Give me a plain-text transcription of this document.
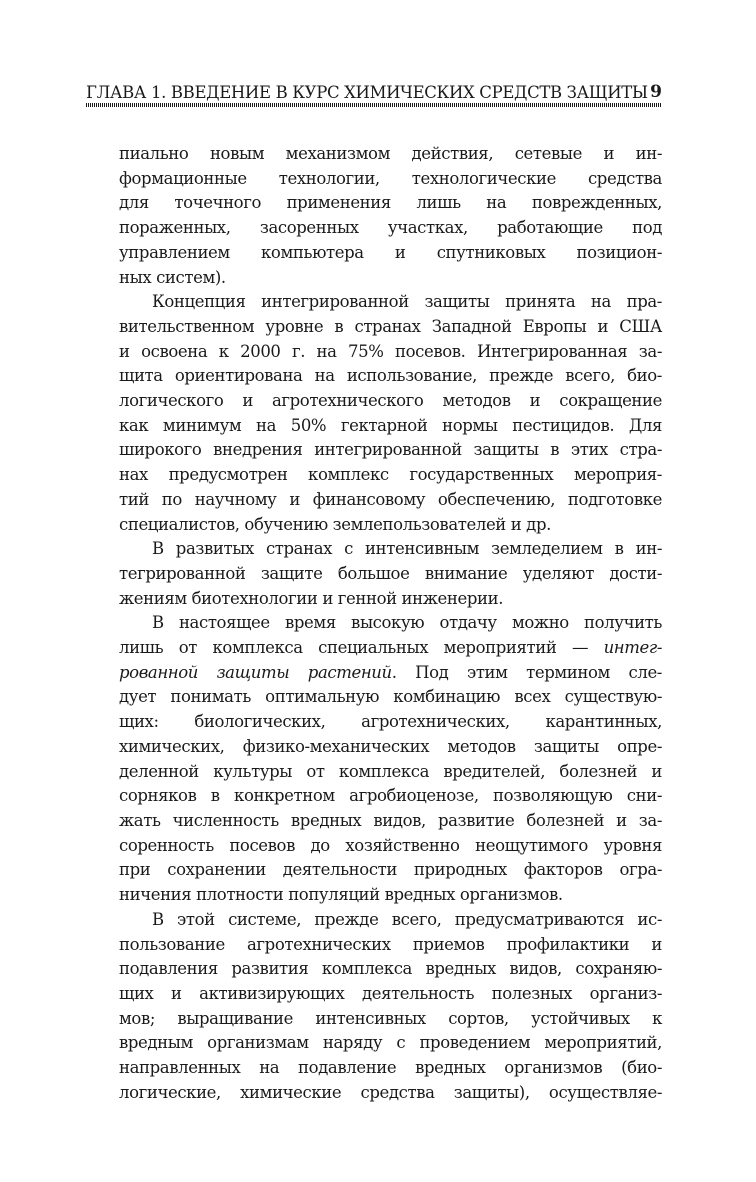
ГЛАВА 1. ВВЕДЕНИЕ В КУРС ХИМИЧЕСКИХ СРЕДСТВ ЗАЩИТЫ 9
пиально новым механизмом действия, сетевые и ин-
формационные технологии, технологические средства
для точечного применения лишь на поврежденных,
пораженных, засоренных участках, работающие под
управлением компьютера и спутниковых позицион-
ных систем).
Концепция интегрированной защиты принята на пра-
вительственном уровне в странах Западной Европы и США
и освоена к 2000 г. на 75% посевов. Интегрированная за-
щита ориентирована на использование, прежде всего, био-
логического и агротехнического методов и сокращение
как минимум на 50% гектарной нормы пестицидов. Для
широкого внедрения интегрированной защиты в этих стра-
нах предусмотрен комплекс государственных мероприя-
тий по научному и финансовому обеспечению, подготовке
специалистов, обучению землепользователей и др.
В развитых странах с интенсивным земледелием в ин-
тегрированной защите большое внимание уделяют дости-
жениям биотехнологии и генной инженерии.
В настоящее время высокую отдачу можно получить
лишь от комплекса специальных мероприятий — интег-
рованной защиты растений. Под этим термином сле-
дует понимать оптимальную комбинацию всех существую-
щих: биологических, агротехнических, карантинных,
химических, физико-механических методов защиты опре-
деленной культуры от комплекса вредителей, болезней и
сорняков в конкретном агробиоценозе, позволяющую сни-
жать численность вредных видов, развитие болезней и за-
соренность посевов до хозяйственно неощутимого уровня
при сохранении деятельности природных факторов огра-
ничения плотности популяций вредных организмов.
В этой системе, прежде всего, предусматриваются ис-
пользование агротехнических приемов профилактики и
подавления развития комплекса вредных видов, сохраняю-
щих и активизирующих деятельность полезных организ-
мов; выращивание интенсивных сортов, устойчивых к
вредным организмам наряду с проведением мероприятий,
направленных на подавление вредных организмов (био-
логические, химические средства защиты), осуществляе-
